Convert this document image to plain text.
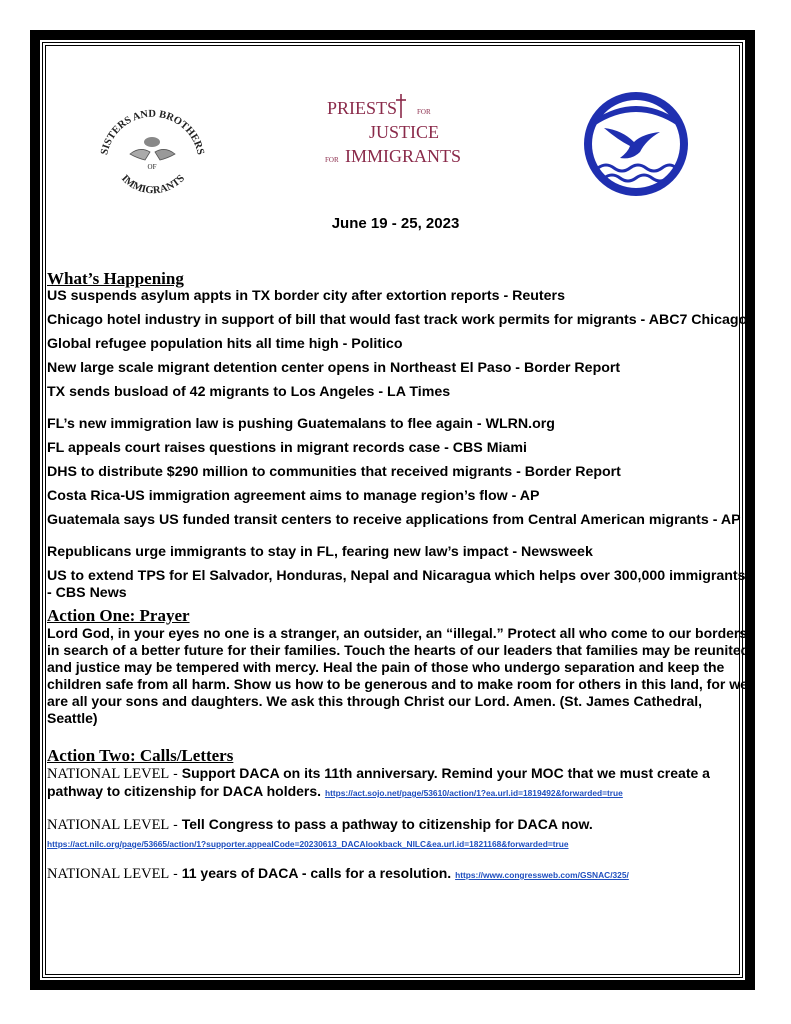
SISTERS AND BROTHERS
IMMIGRANTS
OF
PRIESTS	FOR
JUSTICE
FOR IMMIGRANTS
June 19 - 25, 2023

What’s Happening

US suspends asylum appts in TX border city after extortion reports - Reuters

Chicago hotel industry in support of bill that would fast track work permits for migrants - ABC7 Chicago

Global refugee population hits all time high - Politico

New large scale migrant detention center opens in Northeast El Paso - Border Report

TX sends busload of 42 migrants to Los Angeles - LA Times

FL’s new immigration law is pushing Guatemalans to flee again - WLRN.org

FL appeals court raises questions in migrant records case - CBS Miami

DHS to distribute $290 million to communities that received migrants - Border Report

Costa Rica-US immigration agreement aims to manage region’s flow - AP

Guatemala says US funded transit centers to receive applications from Central American migrants - AP

Republicans urge immigrants to stay in FL, fearing new law’s impact - Newsweek

US to extend TPS for El Salvador, Honduras, Nepal and Nicaragua which helps over 300,000 immigrants - CBS News

Action One: Prayer

Lord God, in your eyes no one is a stranger, an outsider, an “illegal.” Protect all who come to our borders in search of a better future for their families. Touch the hearts of our leaders that families may be reunited and justice may be tempered with mercy. Heal the pain of those who undergo separation and keep the children safe from all harm. Show us how to be generous and to make room for others in this land, for we are all your sons and daughters. We ask this through Christ our Lord. Amen. (St. James Cathedral, Seattle)

Action Two: Calls/Letters

NATIONAL LEVEL - Support DACA on its 11th anniversary. Remind your MOC that we must create a pathway to citizenship for DACA holders. https://act.sojo.net/page/53610/action/1?ea.url.id=1819492&forwarded=true

NATIONAL LEVEL - Tell Congress to pass a pathway to citizenship for DACA now.
https://act.nilc.org/page/53665/action/1?supporter.appealCode=20230613_DACAlookback_NILC&ea.url.id=1821168&forwarded=true

NATIONAL LEVEL - 11 years of DACA - calls for a resolution. https://www.congressweb.com/GSNAC/325/
